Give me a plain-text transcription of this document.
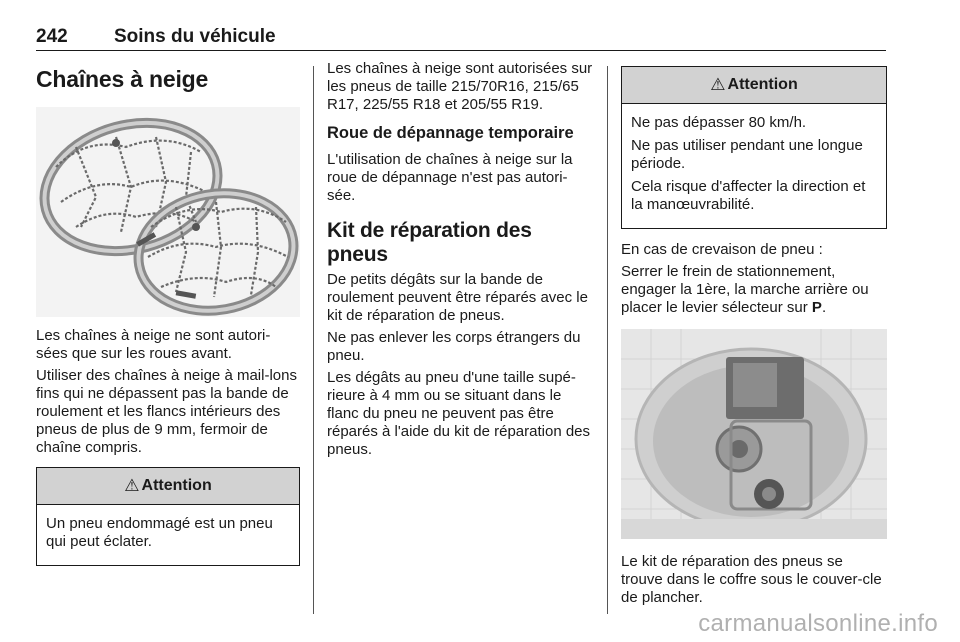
242 Soins du véhicule
Chaînes à neige

Les chaînes à neige ne sont autori-sées que sur les roues avant.

Utiliser des chaînes à neige à mail-lons fins qui ne dépassent pas la bande de roulement et les flancs intérieurs des pneus de plus de 9 mm, fermoir de chaîne compris.

⚠ Attention

Un pneu endommagé est un pneu qui peut éclater.

Les chaînes à neige sont autorisées sur les pneus de taille 215/70R16, 215/65 R17, 225/55 R18 et 205/55 R19.

Roue de dépannage temporaire

L'utilisation de chaînes à neige sur la roue de dépannage n'est pas autori-sée.

Kit de réparation des pneus

De petits dégâts sur la bande de roulement peuvent être réparés avec le kit de réparation de pneus.

Ne pas enlever les corps étrangers du pneu.

Les dégâts au pneu d'une taille supé-rieure à 4 mm ou se situant dans le flanc du pneu ne peuvent pas être réparés à l'aide du kit de réparation des pneus.

⚠ Attention

Ne pas dépasser 80 km/h.

Ne pas utiliser pendant une longue période.

Cela risque d'affecter la direction et la manœuvrabilité.

En cas de crevaison de pneu :

Serrer le frein de stationnement, engager la 1ère, la marche arrière ou placer le levier sélecteur sur P.

Le kit de réparation des pneus se trouve dans le coffre sous le couver-cle de plancher.

carmanualsonline.info
